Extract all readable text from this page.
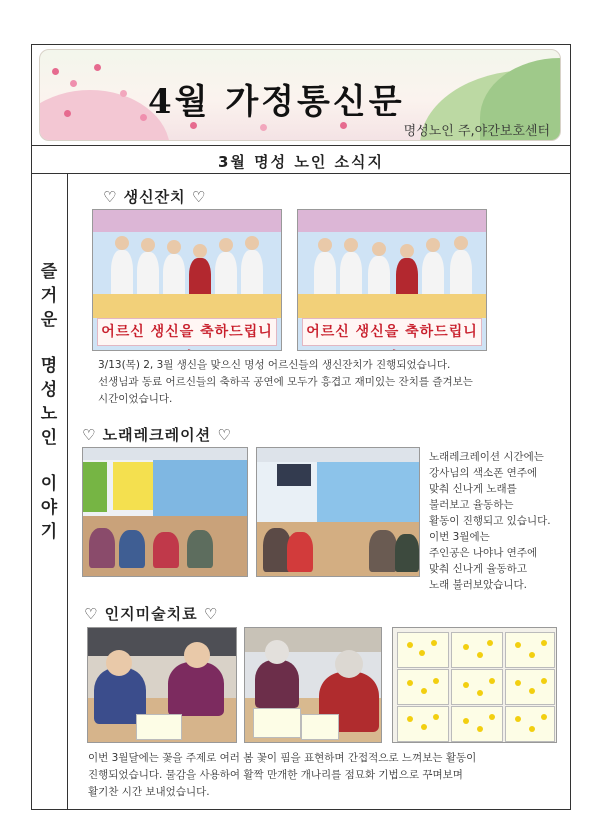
4월 가정통신문
명성노인 주,야간보호센터
3월 명성 노인 소식지
즐
거
운
명
성
노
인
이
야
기
♡ 생신잔치 ♡
어르신 생신을 축하드립니	어르신 생신을 축하드립니
3/13(목) 2, 3월 생신을 맞으신 명성 어르신들의 생신잔치가 진행되었습니다.
선생님과 동료 어르신들의 축하곡 공연에 모두가 흥겹고 재미있는 잔치를 즐겨보는
시간이었습니다.
♡ 노래레크레이션 ♡
노래레크레이션 시간에는
강사님의 색소폰 연주에
맞춰 신나게 노래를
불러보고 율동하는
활동이 진행되고 있습니다.
이번 3월에는
주인공은 나야나 연주에
맞춰 신나게 율동하고
노래 불러보았습니다.
♡ 인지미술치료 ♡
이번 3월달에는 꽃을 주제로 여러 봄 꽃이 핌을 표현하며 간접적으로 느껴보는 활동이
진행되었습니다. 물감을 사용하여 활짝 만개한 개나리를 점묘화 기법으로 꾸며보며
활기찬 시간 보내었습니다.
